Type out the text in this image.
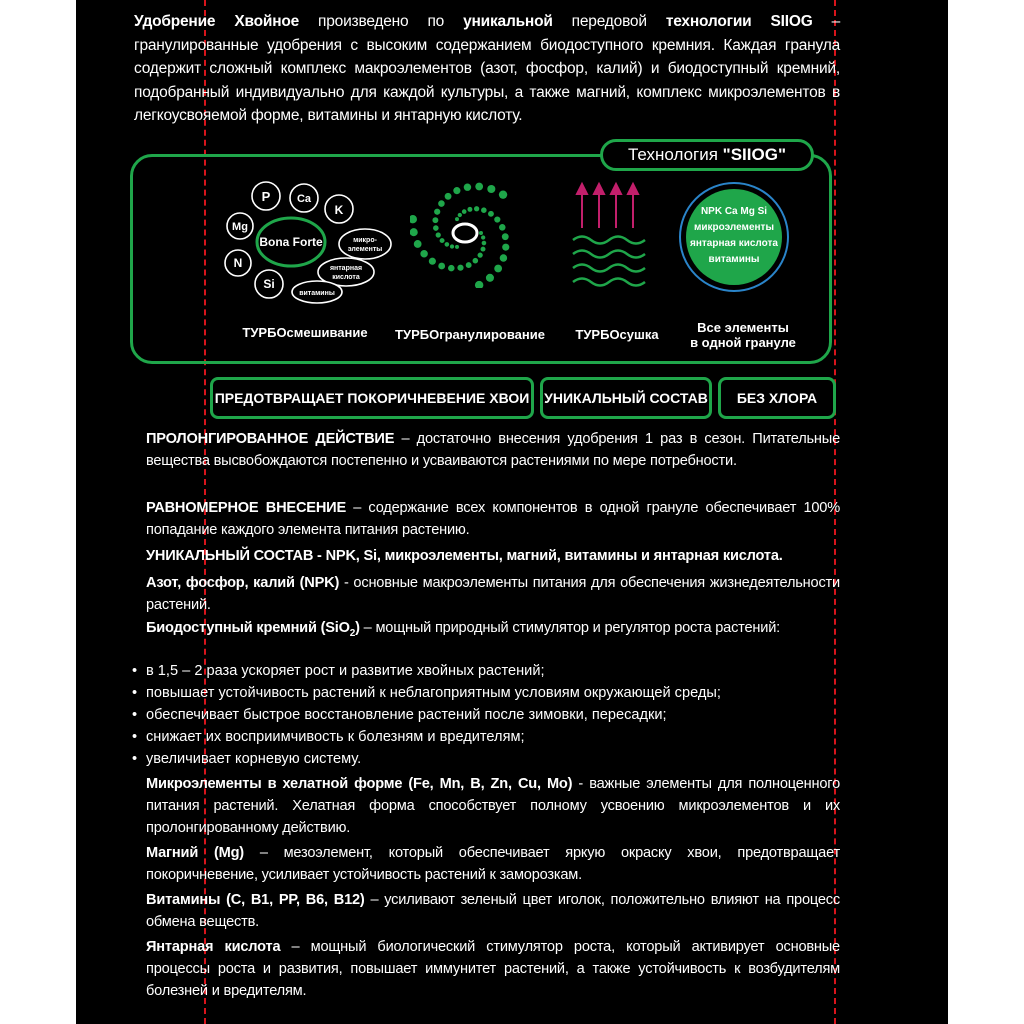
Удобрение Хвойное произведено по уникальной передовой технологии SIIOG – гранулированные удобрения с высоким содержанием биодоступного кремния. Каждая гранула содержит сложный комплекс макроэлементов (азот, фосфор, калий) и биодоступный кремний, подобранный индивидуально для каждой культуры, а также магний, комплекс микроэлементов в легкоусвояемой форме, витамины и янтарную кислоту.
Технология "SIIOG"
P Ca
K
Mg
N
Si
Bona Forte	микро-
элементы
янтарная
кислота
витамины
NPK Ca Mg Si
микроэлементы
янтарная кислота
витамины
ТУРБОсмешивание ТУРБОгранулирование	ТУРБОсушка	Все элементы
в одной грануле
ПРЕДОТВРАЩАЕТ ПОКОРИЧНЕВЕНИЕ ХВОИ	УНИКАЛЬНЫЙ СОСТАВ	БЕЗ ХЛОРА
ПРОЛОНГИРОВАННОЕ ДЕЙСТВИЕ – достаточно внесения удобрения 1 раз в сезон. Питательные вещества высвобождаются постепенно и усваиваются растениями по мере потребности.
РАВНОМЕРНОЕ ВНЕСЕНИЕ – содержание всех компонентов в одной грануле обеспечивает 100% попадание каждого элемента питания растению.
УНИКАЛЬНЫЙ СОСТАВ - NPK, Si, микроэлементы, магний, витамины и янтарная кислота.
Азот, фосфор, калий (NPK) - основные макроэлементы питания для обеспечения жизнедеятельности растений.
Биодоступный кремний (SiO$_2$) – мощный природный стимулятор и регулятор роста растений:
• в 1,5 – 2 раза ускоряет рост и развитие хвойных растений;
• повышает устойчивость растений к неблагоприятным условиям окружающей среды;
• обеспечивает быстрое восстановление растений после зимовки, пересадки;
• снижает их восприимчивость к болезням и вредителям;
• увеличивает корневую систему.
Микроэлементы в хелатной форме (Fe, Mn, B, Zn, Cu, Mo) - важные элементы для полноценного питания растений. Хелатная форма способствует полному усвоению микроэлементов и их пролонгированному действию.
Магний (Mg) – мезоэлемент, который обеспечивает яркую окраску хвои, предотвращает покоричневение, усиливает устойчивость растений к заморозкам.
Витамины (C, B1, PP, B6, B12) – усиливают зеленый цвет иголок, положительно влияют на процесс обмена веществ.
Янтарная кислота – мощный биологический стимулятор роста, который активирует основные процессы роста и развития, повышает иммунитет растений, а также устойчивость к возбудителям болезней и вредителям.
